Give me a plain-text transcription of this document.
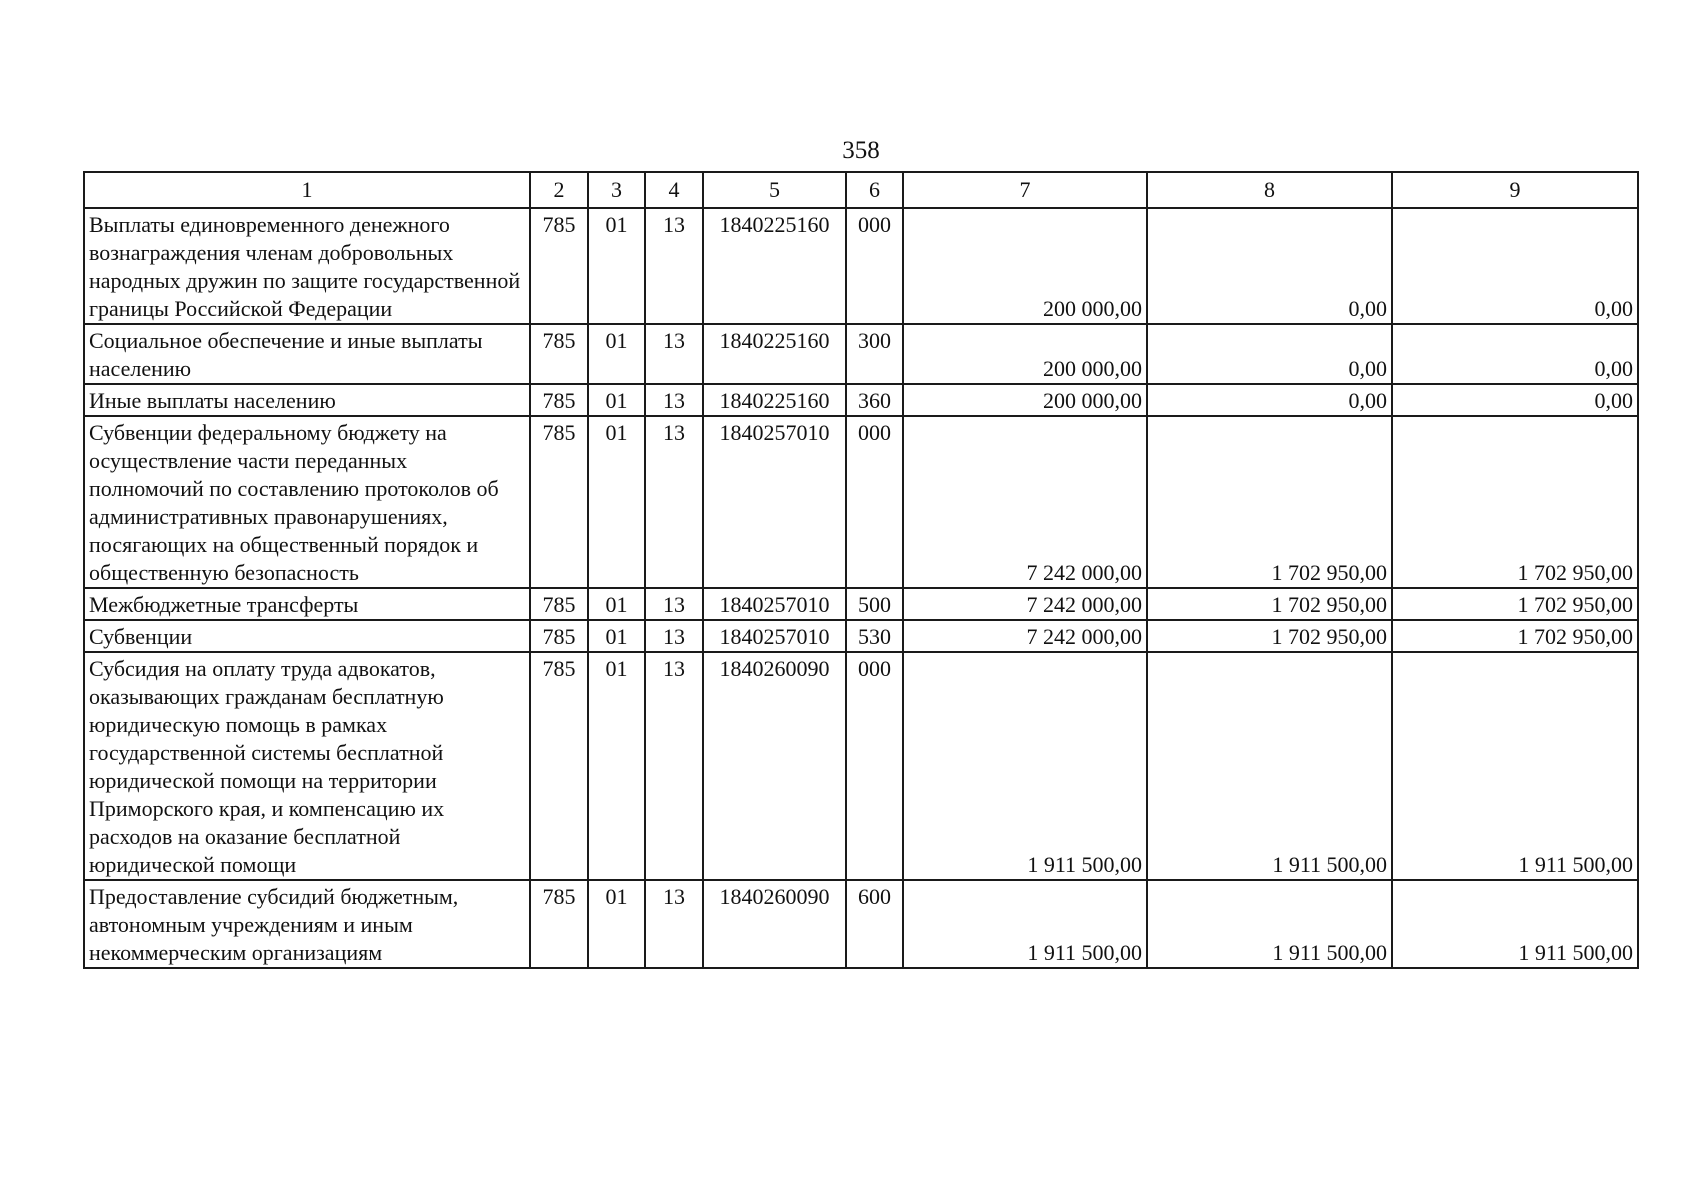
358
1	2	3	4	5	6	7	8	9
Выплаты единовременного денежного вознаграждения членам добровольных народных дружин по защите государственной границы Российской Федерации	785	01	13	1840225160	000	200 000,00	0,00	0,00
Социальное обеспечение и иные выплаты населению	785	01	13	1840225160	300	200 000,00	0,00	0,00
Иные выплаты населению	785	01	13	1840225160	360	200 000,00	0,00	0,00
Субвенции федеральному бюджету на осуществление части переданных полномочий по составлению протоколов об административных правонарушениях, посягающих на общественный порядок и общественную безопасность	785	01	13	1840257010	000	7 242 000,00	1 702 950,00	1 702 950,00
Межбюджетные трансферты	785	01	13	1840257010	500	7 242 000,00	1 702 950,00	1 702 950,00
Субвенции	785	01	13	1840257010	530	7 242 000,00	1 702 950,00	1 702 950,00
Субсидия на оплату труда адвокатов, оказывающих гражданам бесплатную юридическую помощь в рамках государственной системы бесплатной юридической помощи на территории Приморского края, и компенсацию их расходов на оказание бесплатной юридической помощи	785	01	13	1840260090	000	1 911 500,00	1 911 500,00	1 911 500,00
Предоставление субсидий бюджетным, автономным учреждениям и иным некоммерческим организациям	785	01	13	1840260090	600	1 911 500,00	1 911 500,00	1 911 500,00
